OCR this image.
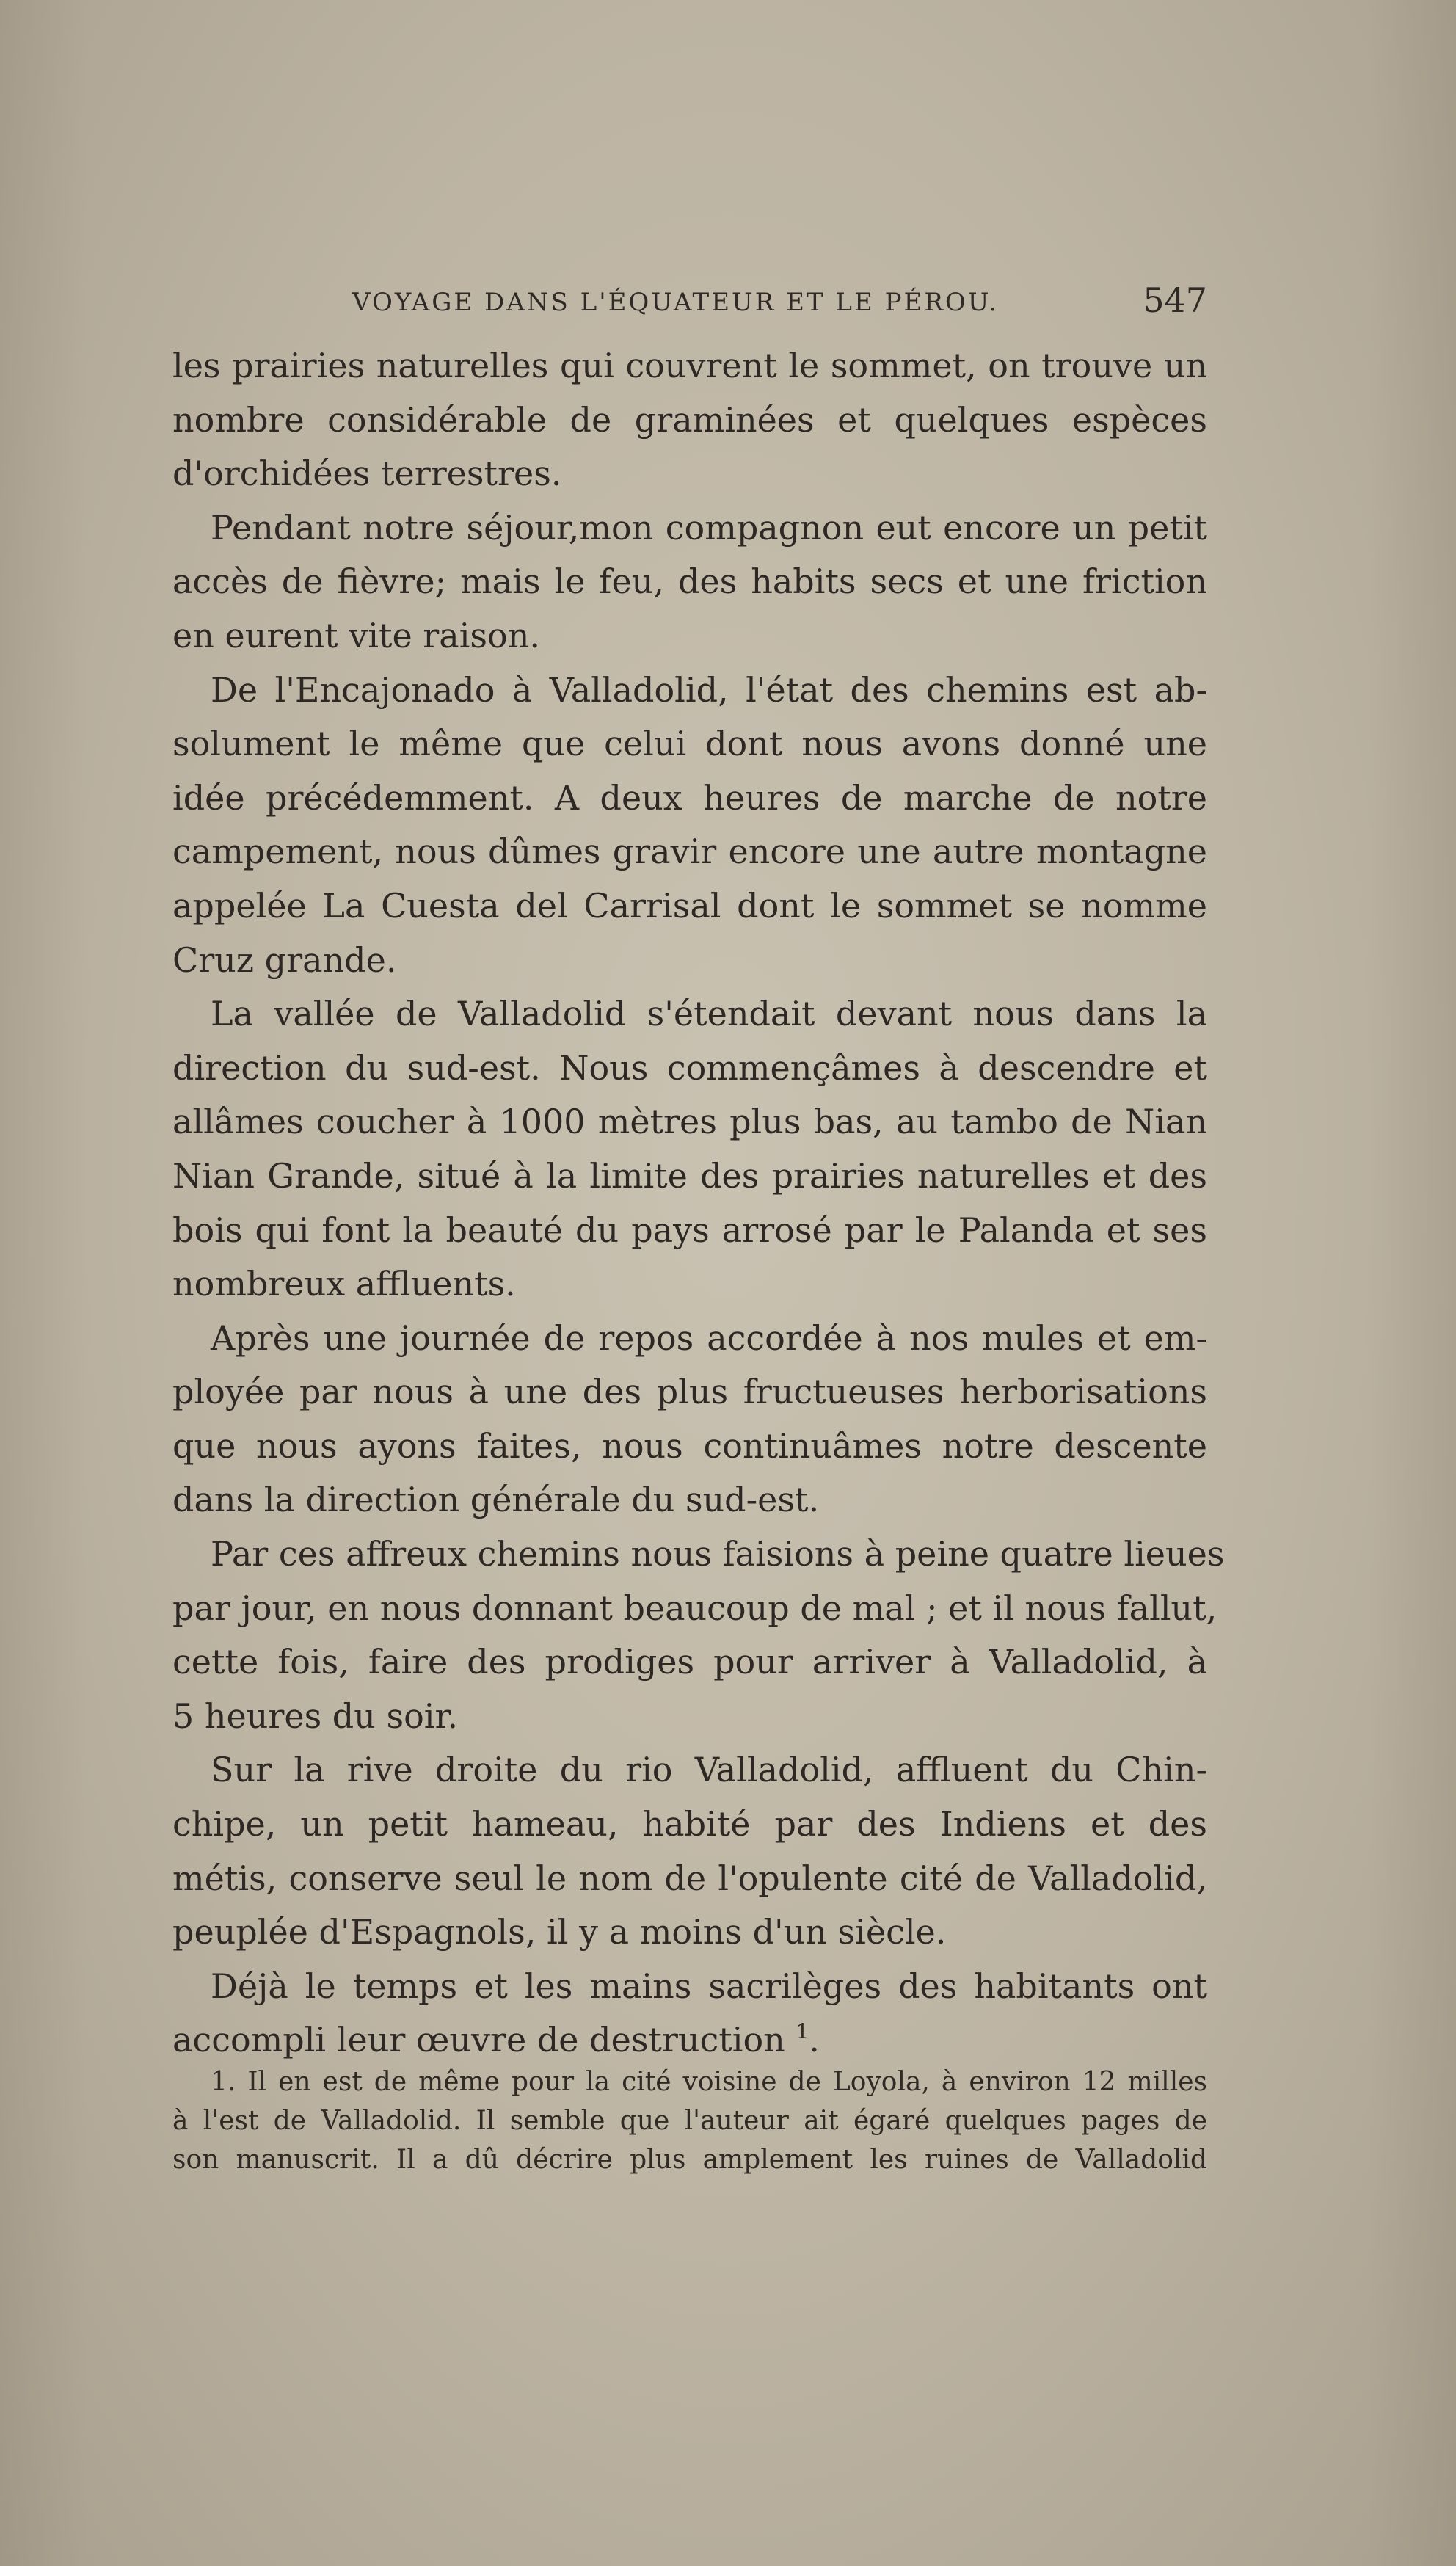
VOYAGE DANS L'ÉQUATEUR ET LE PÉROU.	547
les prairies naturelles qui couvrent le sommet, on trouve un
nombre considérable de graminées et quelques espèces
d'orchidées terrestres.
Pendant notre séjour,mon compagnon eut encore un petit
accès de fièvre; mais le feu, des habits secs et une friction
en eurent vite raison.
De l'Encajonado à Valladolid, l'état des chemins est ab-
solument le même que celui dont nous avons donné une
idée précédemment. A deux heures de marche de notre
campement, nous dûmes gravir encore une autre montagne
appelée La Cuesta del Carrisal dont le sommet se nomme
Cruz grande.
La vallée de Valladolid s'étendait devant nous dans la
direction du sud-est. Nous commençâmes à descendre et
allâmes coucher à 1000 mètres plus bas, au tambo de Nian
Nian Grande, situé à la limite des prairies naturelles et des
bois qui font la beauté du pays arrosé par le Palanda et ses
nombreux affluents.
Après une journée de repos accordée à nos mules et em-
ployée par nous à une des plus fructueuses herborisations
que nous ayons faites, nous continuâmes notre descente
dans la direction générale du sud-est.
Par ces affreux chemins nous faisions à peine quatre lieues
par jour, en nous donnant beaucoup de mal ; et il nous fallut,
cette fois, faire des prodiges pour arriver à Valladolid, à
5 heures du soir.
Sur la rive droite du rio Valladolid, affluent du Chin-
chipe, un petit hameau, habité par des Indiens et des
métis, conserve seul le nom de l'opulente cité de Valladolid,
peuplée d'Espagnols, il y a moins d'un siècle.
Déjà le temps et les mains sacrilèges des habitants ont
accompli leur œuvre de destruction $^1$.
1. Il en est de même pour la cité voisine de Loyola, à environ 12 milles
à l'est de Valladolid. Il semble que l'auteur ait égaré quelques pages de
son manuscrit. Il a dû décrire plus amplement les ruines de Valladolid
